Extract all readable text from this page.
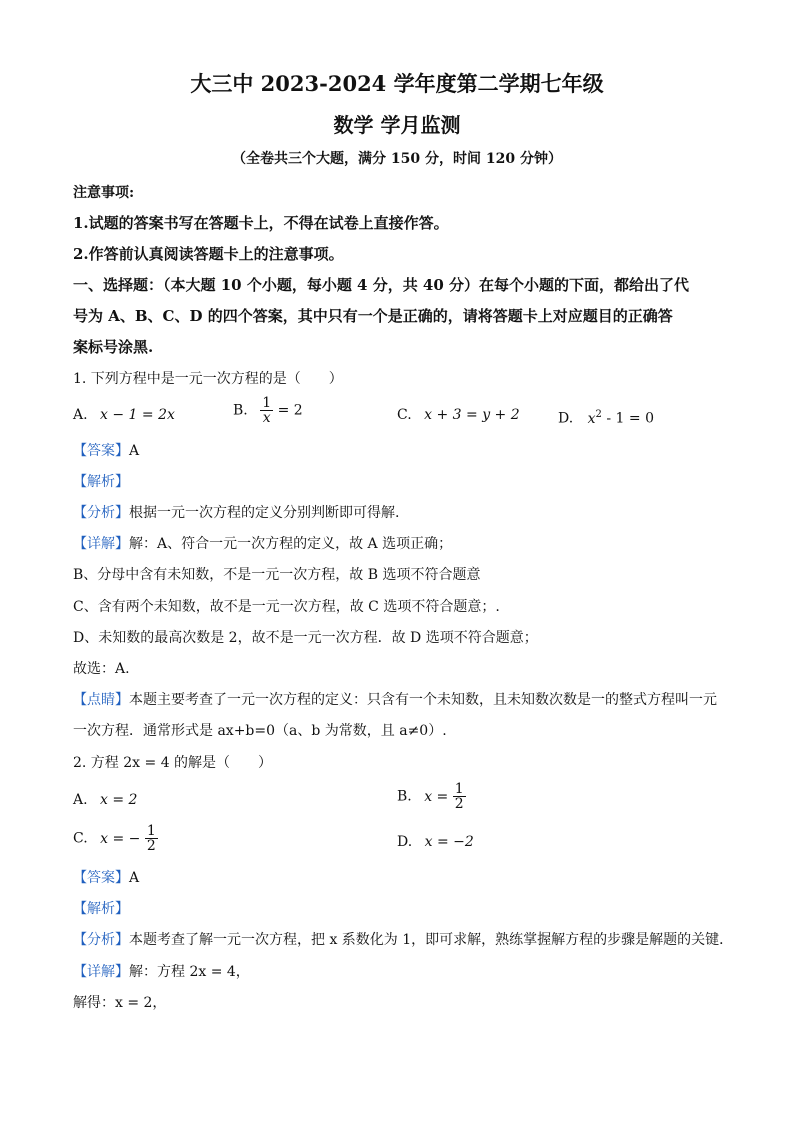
大三中 2023-2024 学年度第二学期七年级
数学 学月监测
（全卷共三个大题，满分 150 分，时间 120 分钟）
注意事项:
1.试题的答案书写在答题卡上，不得在试卷上直接作答。
2.作答前认真阅读答题卡上的注意事项。
一、选择题：（本大题 10 个小题，每小题 4 分，共 40 分）在每个小题的下面，都给出了代
号为 A、B、C、D 的四个答案，其中只有一个是正确的，请将答题卡上对应题目的正确答
案标号涂黑.
1. 下列方程中是一元一次方程的是（　　）
A. x − 1 = 2x	B. $\frac{1}{x} = 2$	C. x + 3 = y + 2	D. $x^2 - 1 = 0$
【答案】A
【解析】
【分析】根据一元一次方程的定义分别判断即可得解.
【详解】解：A、符合一元一次方程的定义，故 A 选项正确；
B、分母中含有未知数，不是一元一次方程，故 B 选项不符合题意
C、含有两个未知数，故不是一元一次方程，故 C 选项不符合题意；.
D、未知数的最高次数是 2，故不是一元一次方程．故 D 选项不符合题意；
故选：A.
【点睛】本题主要考查了一元一次方程的定义：只含有一个未知数，且未知数次数是一的整式方程叫一元
一次方程．通常形式是 ax+b=0（a、b 为常数，且 a≠0）.
2. 方程 2x = 4 的解是（　　）
A. x = 2	B. $x = \frac{1}{2}$
C. x = − $\frac{1}{2}$	D. x = −2
【答案】A
【解析】
【分析】本题考查了解一元一次方程，把 x 系数化为 1，即可求解，熟练掌握解方程的步骤是解题的关键．
【详解】解：方程 2x = 4，
解得：x = 2，
